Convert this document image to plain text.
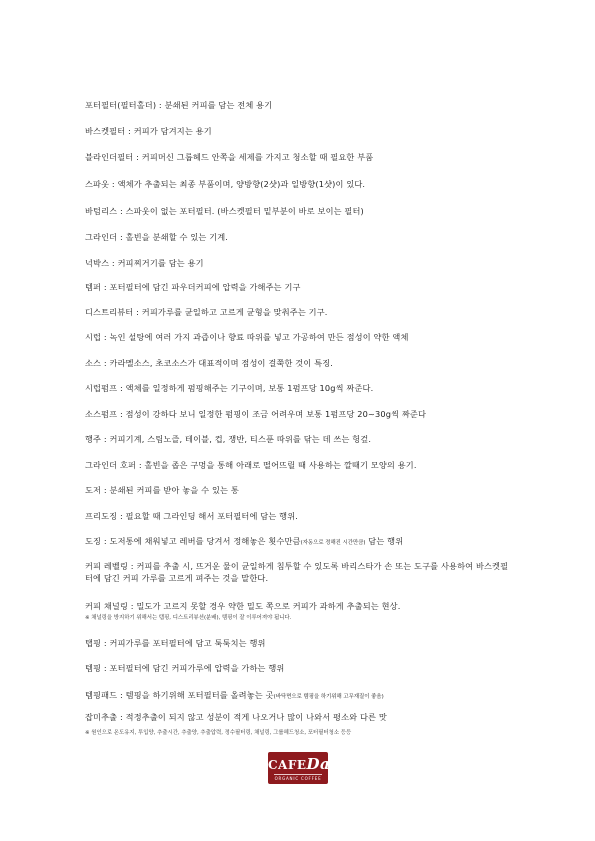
포터필터(필터홀더) : 분쇄된 커피를 담는 전체 용기
바스켓필터 : 커피가 담겨지는 용기
블라인더필터 : 커피머신 그룹헤드 안쪽을 세제를 가지고 청소할 때 필요한 부품
스파웃 : 액체가 추출되는 최종 부품이며, 양방향(2샷)과 일방향(1샷)이 있다.
바텀리스 : 스파웃이 없는 포터필터. (바스켓필터 밑부분이 바로 보이는 필터)
그라인더 : 홀빈을 분쇄할 수 있는 기계.
넉박스 : 커피찌거기를 담는 용기
템퍼 : 포터필터에 담긴 파우더커피에 압력을 가해주는 기구
디스트리뷰터 : 커피가루를 균일하고 고르게 균형을 맞춰주는 기구.
시럽 : 녹인 설탕에 여러 가지 과즙이나 향료 따위를 넣고 가공하여 만든 점성이 약한 액체
소스 : 카라멜소스, 초코소스가 대표적이며 점성이 걸쭉한 것이 특징.
시럽펌프 : 액체를 일정하게 펌핑해주는 기구이며, 보통 1펌프당 10g씩 짜준다.
소스펌프 : 점성이 강하다 보니 일정한 펌핑이 조금 어려우며 보통 1펌프당 20~30g씩 짜준다
행주 : 커피기계, 스팀노즐, 테이블, 컵, 쟁반, 티스푼 따위를 닦는 데 쓰는 헝겊.
그라인더 호퍼 : 홀빈을 좁은 구멍을 통해 아래로 떨어뜨릴 때 사용하는 깔때기 모양의 용기.
도저 : 분쇄된 커피를 받아 놓을 수 있는 통
프리도징 : 필요할 때 그라인딩 해서 포터필터에 담는 행위.
도징 : 도저통에 채워넣고 레버를 당겨서 정해놓은 횟수만큼(자동으로 정해진 시간만큼) 담는 행위
커피 레벨링 : 커피를 추출 시, 뜨거운 물이 균일하게 침투할 수 있도록 바리스타가 손 또는 도구를 사용하여 바스켓필터에 담긴 커피 가루를 고르게 펴주는 것을 말한다.
커피 채널링 : 밀도가 고르지 못할 경우 약한 밀도 쪽으로 커피가 과하게 추출되는 현상.
※ 채널링을 방지하기 위해서는 탭핑, 디스트리뷰션(분배), 템핑이 잘 이루어져야 됩니다.
탭핑 : 커피가루를 포터필터에 담고 툭툭치는 행위
템핑 : 포터필터에 담긴 커피가루에 압력을 가하는 행위
템핑패드 : 템핑을 하기위해 포터필터를 올려놓는 곳(바닥면으로 템핑을 하기위해 고무재질이 좋음)
잡미추출 : 적정추출이 되지 않고 성분이 적게 나오거나 많이 나와서 평소와 다른 맛
※ 원인으로 온도유지, 투입양, 추출시간, 추출양, 추출압력, 정수필터링, 채널링, 그룹헤드청소, 포터필터청소 등등
CAFEDa
ORGANIC COFFEE
